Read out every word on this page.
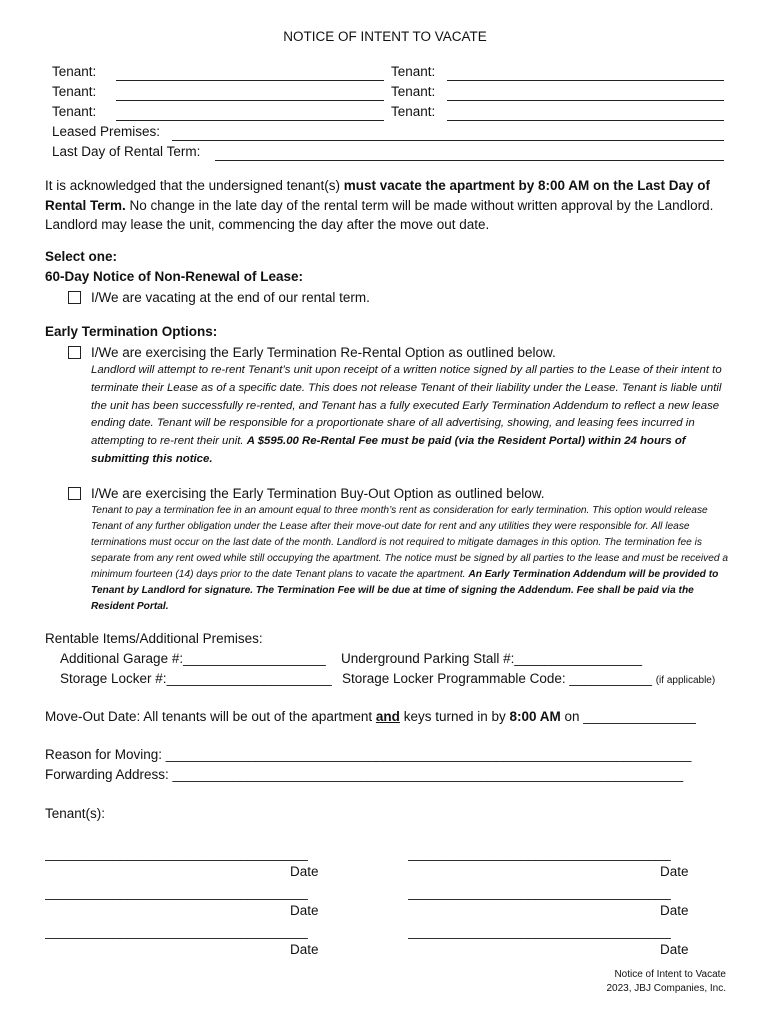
NOTICE OF INTENT TO VACATE
Tenant:	Tenant:
Tenant:	Tenant:
Tenant:	Tenant:
Leased Premises:
Last Day of Rental Term:
It is acknowledged that the undersigned tenant(s) must vacate the apartment by 8:00 AM on the Last Day of Rental Term. No change in the late day of the rental term will be made without written approval by the Landlord. Landlord may lease the unit, commencing the day after the move out date.
Select one:
60-Day Notice of Non-Renewal of Lease:
I/We are vacating at the end of our rental term.
Early Termination Options:
I/We are exercising the Early Termination Re-Rental Option as outlined below.
Landlord will attempt to re-rent Tenant’s unit upon receipt of a written notice signed by all parties to the Lease of their intent to terminate their Lease as of a specific date. This does not release Tenant of their liability under the Lease. Tenant is liable until the unit has been successfully re-rented, and Tenant has a fully executed Early Termination Addendum to reflect a new lease ending date. Tenant will be responsible for a proportionate share of all advertising, showing, and leasing fees incurred in attempting to re-rent their unit. A $595.00 Re-Rental Fee must be paid (via the Resident Portal) within 24 hours of submitting this notice.
I/We are exercising the Early Termination Buy-Out Option as outlined below.
Tenant to pay a termination fee in an amount equal to three month’s rent as consideration for early termination. This option would release Tenant of any further obligation under the Lease after their move-out date for rent and any utilities they were responsible for. All lease terminations must occur on the last date of the month. Landlord is not required to mitigate damages in this option. The termination fee is separate from any rent owed while still occupying the apartment. The notice must be signed by all parties to the lease and must be received a minimum fourteen (14) days prior to the date Tenant plans to vacate the apartment. An Early Termination Addendum will be provided to Tenant by Landlord for signature. The Termination Fee will be due at time of signing the Addendum. Fee shall be paid via the Resident Portal.
Rentable Items/Additional Premises:
Additional Garage #:___________________ Underground Parking Stall #:_________________
Storage Locker #:______________________ Storage Locker Programmable Code: ___________ (if applicable)
Move-Out Date: All tenants will be out of the apartment and keys turned in by 8:00 AM on _______________
Reason for Moving: ______________________________________________________________________
Forwarding Address: ____________________________________________________________________
Tenant(s):
___________________________________	___________________________________
Date	Date
___________________________________	___________________________________
Date	Date
___________________________________	___________________________________
Date	Date
Notice of Intent to Vacate
2023, JBJ Companies, Inc.
